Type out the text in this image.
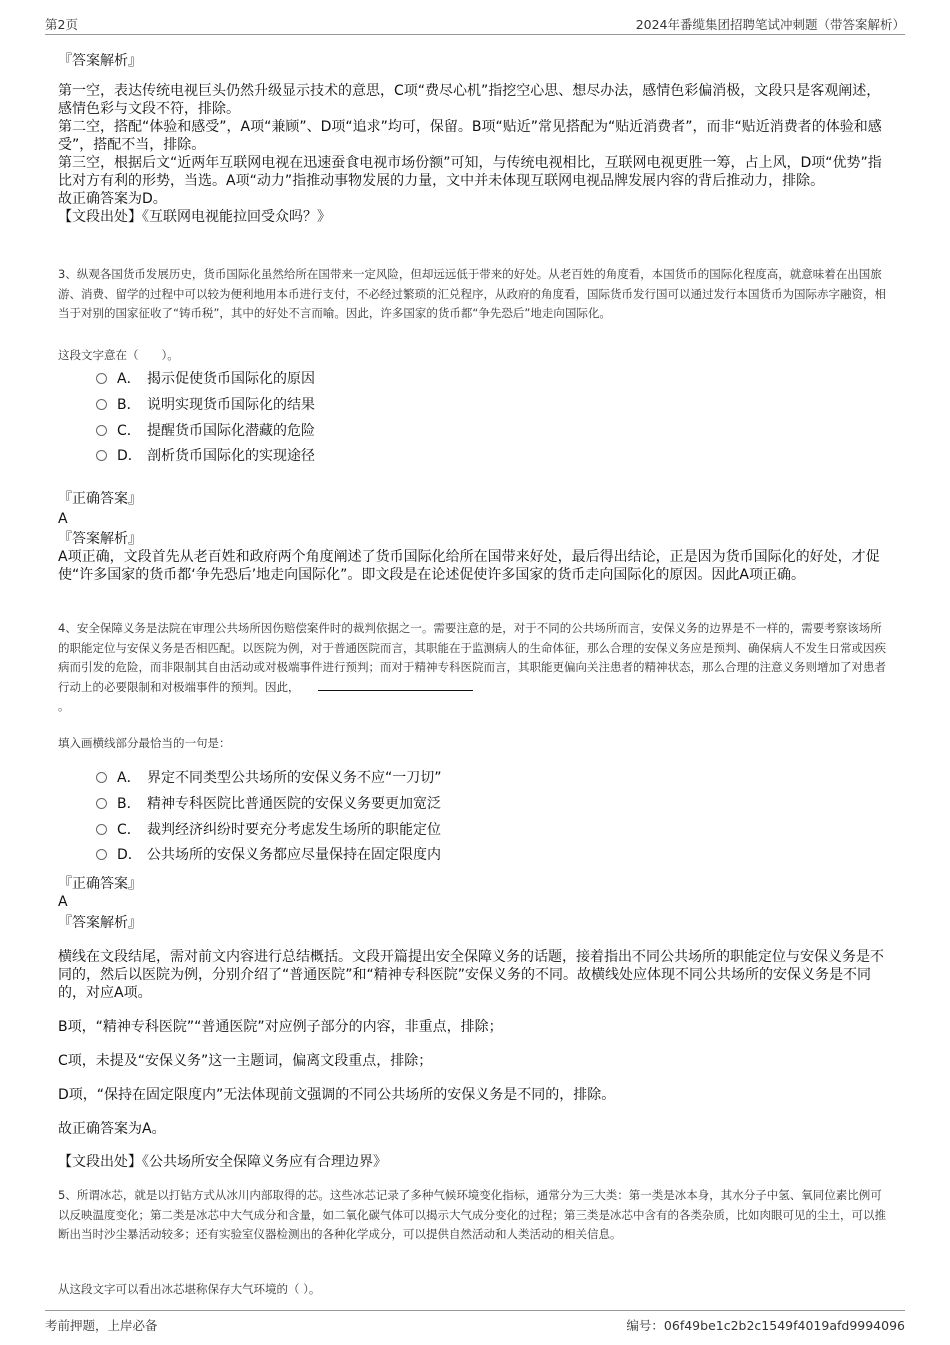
第2页	2024年番缆集团招聘笔试冲刺题（带答案解析）
『答案解析』

第一空，表达传统电视巨头仍然升级显示技术的意思，C项“费尽心机”指挖空心思、想尽办法，感情色彩偏消极，文段只是客观阐述，感情色彩与文段不符，排除。

第二空，搭配“体验和感受”，A项“兼顾”、D项“追求”均可，保留。B项“贴近”常见搭配为“贴近消费者”，而非“贴近消费者的体验和感受”，搭配不当，排除。

第三空，根据后文“近两年互联网电视在迅速蚕食电视市场份额”可知，与传统电视相比，互联网电视更胜一筹，占上风，D项“优势”指比对方有利的形势，当选。A项“动力”指推动事物发展的力量，文中并未体现互联网电视品牌发展内容的背后推动力，排除。

故正确答案为D。

【文段出处】《互联网电视能拉回受众吗？》

3、纵观各国货币发展历史，货币国际化虽然给所在国带来一定风险，但却远远低于带来的好处。从老百姓的角度看，本国货币的国际化程度高，就意味着在出国旅游、消费、留学的过程中可以较为便利地用本币进行支付，不必经过繁琐的汇兑程序，从政府的角度看，国际货币发行国可以通过发行本国货币为国际赤字融资，相当于对别的国家征收了“铸币税”，其中的好处不言而喻。因此，许多国家的货币都“争先恐后”地走向国际化。
这段文字意在（　　）。
A． 揭示促使货币国际化的原因
B． 说明实现货币国际化的结果
C． 提醒货币国际化潜藏的危险
D． 剖析货币国际化的实现途径
『正确答案』
A
『答案解析』
A项正确，文段首先从老百姓和政府两个角度阐述了货币国际化给所在国带来好处，最后得出结论，正是因为货币国际化的好处，才促使“许多国家的货币都‘争先恐后’地走向国际化”。即文段是在论述促使许多国家的货币走向国际化的原因。因此A项正确。
4、安全保障义务是法院在审理公共场所因伤赔偿案件时的裁判依据之一。需要注意的是，对于不同的公共场所而言，安保义务的边界是不一样的，需要考察该场所的职能定位与安保义务是否相匹配。以医院为例，对于普通医院而言，其职能在于监测病人的生命体征，那么合理的安保义务应是预判、确保病人不发生日常或因疾病而引发的危险，而非限制其自由活动或对极端事件进行预判；而对于精神专科医院而言，其职能更偏向关注患者的精神状态，那么合理的注意义务则增加了对患者行动上的必要限制和对极端事件的预判。因此，
。
填入画横线部分最恰当的一句是：
A． 界定不同类型公共场所的安保义务不应“一刀切”
B． 精神专科医院比普通医院的安保义务要更加宽泛
C． 裁判经济纠纷时要充分考虑发生场所的职能定位
D． 公共场所的安保义务都应尽量保持在固定限度内
『正确答案』
A
『答案解析』
横线在文段结尾，需对前文内容进行总结概括。文段开篇提出安全保障义务的话题，接着指出不同公共场所的职能定位与安保义务是不同的，然后以医院为例，分别介绍了“普通医院”和“精神专科医院”安保义务的不同。故横线处应体现不同公共场所的安保义务是不同的，对应A项。
B项，“精神专科医院”“普通医院”对应例子部分的内容，非重点，排除；
C项，未提及“安保义务”这一主题词，偏离文段重点，排除；
D项，“保持在固定限度内”无法体现前文强调的不同公共场所的安保义务是不同的，排除。
故正确答案为A。
【文段出处】《公共场所安全保障义务应有合理边界》
5、所谓冰芯，就是以打钻方式从冰川内部取得的芯。这些冰芯记录了多种气候环境变化指标，通常分为三大类：第一类是冰本身，其水分子中氢、氧同位素比例可以反映温度变化；第二类是冰芯中大气成分和含量，如二氧化碳气体可以揭示大气成分变化的过程；第三类是冰芯中含有的各类杂质，比如肉眼可见的尘土，可以推断出当时沙尘暴活动较多；还有实验室仪器检测出的各种化学成分，可以提供自然活动和人类活动的相关信息。
从这段文字可以看出冰芯堪称保存大气环境的（ ）。
考前押题，上岸必备	编号：06f49be1c2b2c1549f4019afd9994096
